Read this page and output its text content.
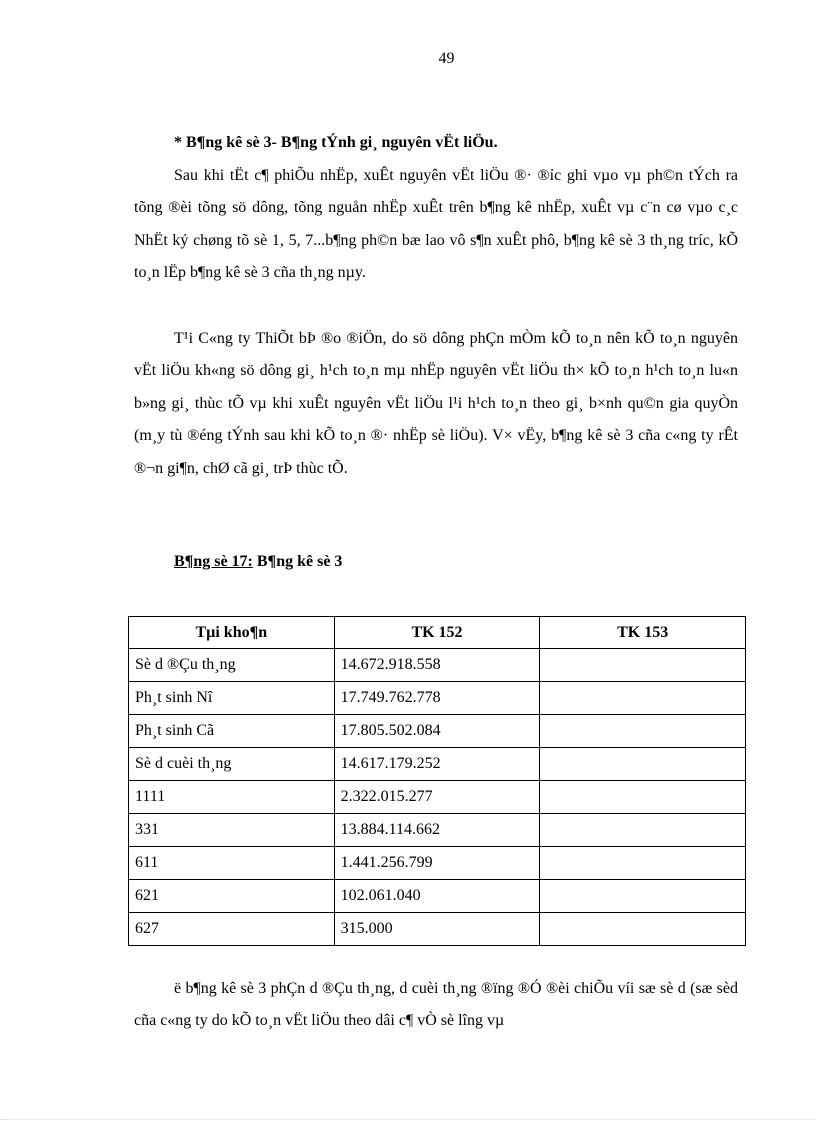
49
* B¶ng kê sè 3- B¶ng tÝnh gi¸ nguyên vËt liÖu.

Sau khi tËt c¶ phiÕu nhËp, xuÊt nguyên vËt liÖu ®· ®ỉc ghi vµo vµ ph©n tÝch ra tõng ®èi tõng sö dông, tõng nguån nhËp xuÊt trên b¶ng kê nhËp, xuÊt vµ c¨n cø vµo c¸c NhËt ký chøng tõ sè 1, 5, 7...b¶ng ph©n bæ lao vô s¶n xuÊt phô, b¶ng kê sè 3 th¸ng tríc, kÕ to¸n lËp b¶ng kê sè 3 cña th¸ng nµy.

T¹i C«ng ty ThiÕt bÞ ®o ®iÖn, do sö dông phÇn mÒm kÕ to¸n nên kÕ to¸n nguyên vËt liÖu kh«ng sö dông gi¸ h¹ch to¸n mµ nhËp nguyên vËt liÖu th× kÕ to¸n h¹ch to¸n lu«n b»ng gi¸ thùc tÕ vµ khi xuÊt nguyên vËt liÖu l¹i h¹ch to¸n theo gi¸ b×nh qu©n gia quyÒn (m¸y tù ®éng tÝnh sau khi kÕ to¸n ®· nhËp sè liÖu). V× vËy, b¶ng kê sè 3 cña c«ng ty rÊt ®¬n gi¶n, chØ cã gi¸ trÞ thùc tÕ.

B¶ng sè 17: B¶ng kê sè 3
Tµi kho¶n	TK 152	TK 153
Sè d ®Çu th¸ng	14.672.918.558	
Ph¸t sinh Nî	17.749.762.778	
Ph¸t sinh Cã	17.805.502.084	
Sè d cuèi th¸ng	14.617.179.252	
1111	2.322.015.277	
331	13.884.114.662	
611	1.441.256.799	
621	102.061.040	
627	315.000	

ë b¶ng kê sè 3 phÇn d ®Çu th¸ng, d cuèi th¸ng ®ïng ®Ó ®èi chiÕu víi sæ sè d (sæ sèd cña c«ng ty do kÕ to¸n vËt liÖu theo dâi c¶ vÒ sè lîng vµ
